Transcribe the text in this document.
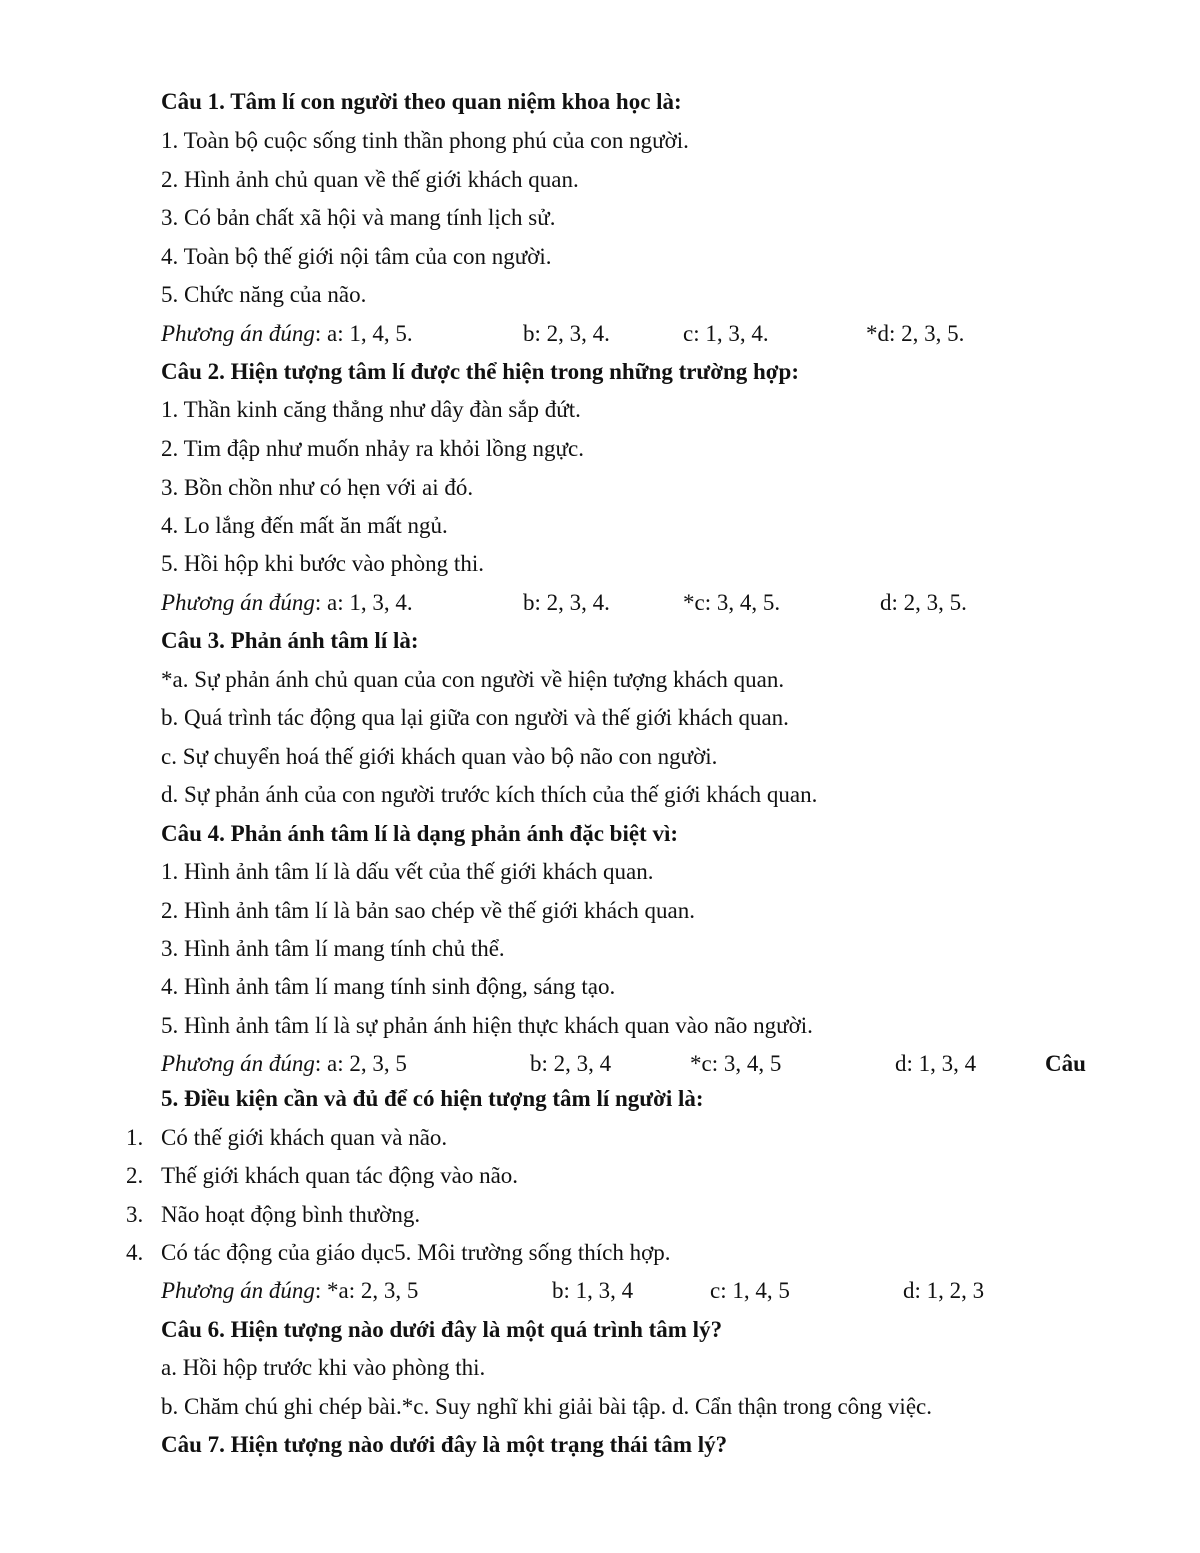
Câu 1. Tâm lí con người theo quan niệm khoa học là:
1. Toàn bộ cuộc sống tinh thần phong phú của con người.
2. Hình ảnh chủ quan về thế giới khách quan.
3. Có bản chất xã hội và mang tính lịch sử.
4. Toàn bộ thế giới nội tâm của con người.
5. Chức năng của não.
Phương án đúng: a: 1, 4, 5.	b: 2, 3, 4.	c: 1, 3, 4.	*d: 2, 3, 5.
Câu 2. Hiện tượng tâm lí được thể hiện trong những trường hợp:
1. Thần kinh căng thẳng như dây đàn sắp đứt.
2. Tim đập như muốn nhảy ra khỏi lồng ngực.
3. Bồn chồn như có hẹn với ai đó.
4. Lo lắng đến mất ăn mất ngủ.
5. Hồi hộp khi bước vào phòng thi.
Phương án đúng: a: 1, 3, 4.	b: 2, 3, 4.	*c: 3, 4, 5.	d: 2, 3, 5.
Câu 3. Phản ánh tâm lí là:
*a. Sự phản ánh chủ quan của con người về hiện tượng khách quan.
b. Quá trình tác động qua lại giữa con người và thế giới khách quan.
c. Sự chuyển hoá thế giới khách quan vào bộ não con người.
d. Sự phản ánh của con người trước kích thích của thế giới khách quan.
Câu 4. Phản ánh tâm lí là dạng phản ánh đặc biệt vì:
1. Hình ảnh tâm lí là dấu vết của thế giới khách quan.
2. Hình ảnh tâm lí là bản sao chép về thế giới khách quan.
3. Hình ảnh tâm lí mang tính chủ thể.
4. Hình ảnh tâm lí mang tính sinh động, sáng tạo.
5. Hình ảnh tâm lí là sự phản ánh hiện thực khách quan vào não người.
Phương án đúng: a: 2, 3, 5	b: 2, 3, 4	*c: 3, 4, 5	d: 1, 3, 4	Câu
5. Điều kiện cần và đủ để có hiện tượng tâm lí người là:
1. Có thế giới khách quan và não.
2. Thế giới khách quan tác động vào não.
3. Não hoạt động bình thường.
4. Có tác động của giáo dục5. Môi trường sống thích hợp.
Phương án đúng: *a: 2, 3, 5	b: 1, 3, 4	c: 1, 4, 5	d: 1, 2, 3
Câu 6. Hiện tượng nào dưới đây là một quá trình tâm lý?
a. Hồi hộp trước khi vào phòng thi.
b. Chăm chú ghi chép bài.*c. Suy nghĩ khi giải bài tập. d. Cẩn thận trong công việc.
Câu 7. Hiện tượng nào dưới đây là một trạng thái tâm lý?
